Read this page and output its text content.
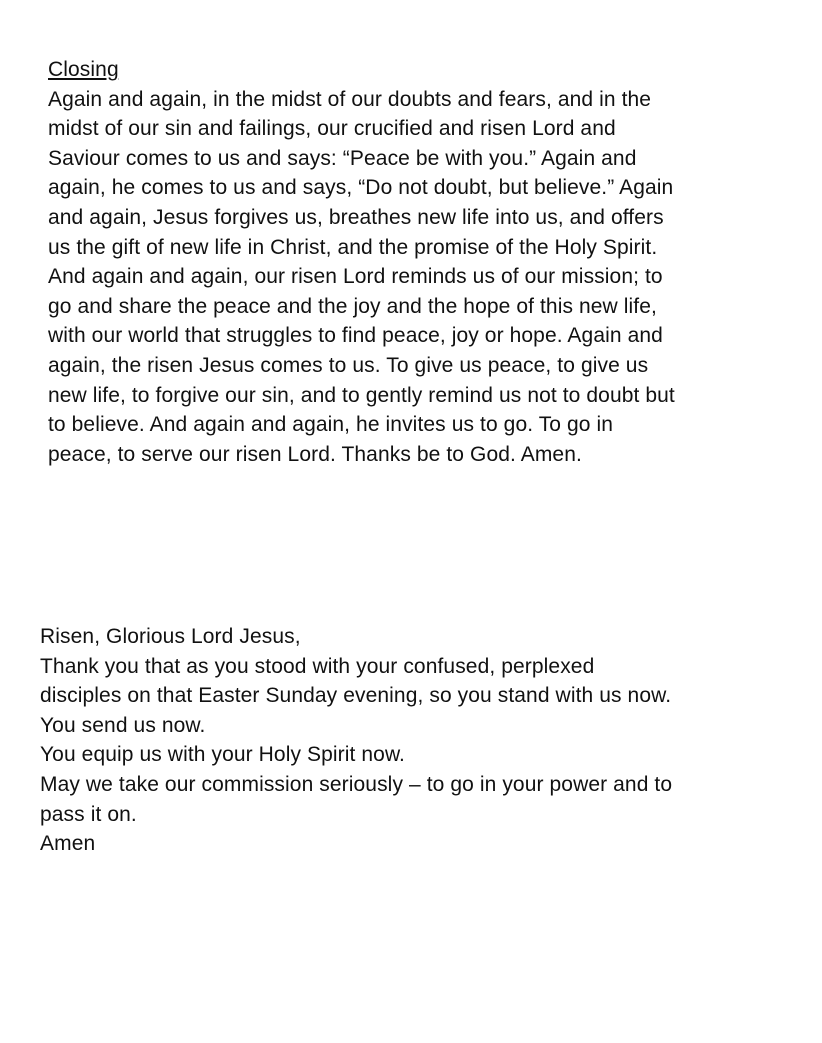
Closing

Again and again, in the midst of our doubts and fears, and in the

midst of our sin and failings, our crucified and risen Lord and

Saviour comes to us and says: “Peace be with you.” Again and

again, he comes to us and says, “Do not doubt, but believe.” Again

and again, Jesus forgives us, breathes new life into us, and offers

us the gift of new life in Christ, and the promise of the Holy Spirit.

And again and again, our risen Lord reminds us of our mission; to

go and share the peace and the joy and the hope of this new life,

with our world that struggles to find peace, joy or hope. Again and

again, the risen Jesus comes to us. To give us peace, to give us

new life, to forgive our sin, and to gently remind us not to doubt but

to believe. And again and again, he invites us to go. To go in

peace, to serve our risen Lord. Thanks be to God. Amen.

Risen, Glorious Lord Jesus,

Thank you that as you stood with your confused, perplexed

disciples on that Easter Sunday evening, so you stand with us now.

You send us now.

You equip us with your Holy Spirit now.

May we take our commission seriously – to go in your power and to

pass it on.

Amen
